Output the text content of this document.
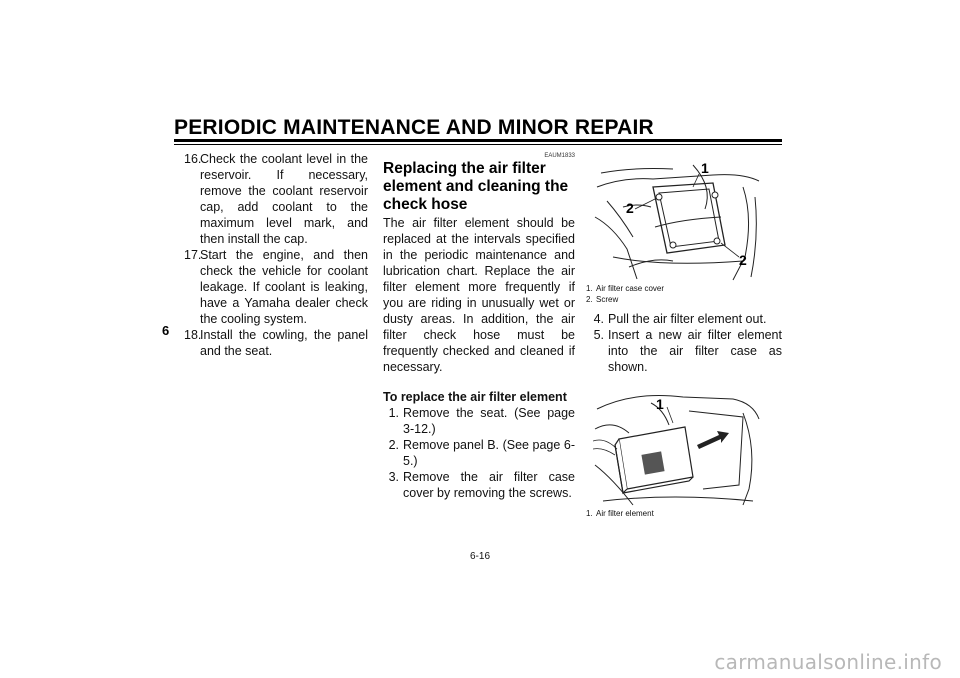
PERIODIC MAINTENANCE AND MINOR REPAIR
6
16.
Check the coolant level in the reservoir. If necessary, remove the coolant reservoir cap, add coolant to the maximum level mark, and then install the cap.
17.
Start the engine, and then check the vehicle for coolant leakage. If coolant is leaking, have a Yamaha dealer check the cooling system.
18.
Install the cowling, the panel and the seat.
EAUM1833
Replacing the air filter element and cleaning the check hose

The air filter element should be replaced at the intervals specified in the periodic maintenance and lubrication chart. Replace the air filter element more frequently if you are riding in unusually wet or dusty areas. In addition, the air filter check hose must be frequently checked and cleaned if necessary.

To replace the air filter element
1. Remove the seat. (See page 3-12.)
2. Remove panel B. (See page 6-5.)
3. Remove the air filter case cover by removing the screws.
1
2
2
1. Air filter case cover
2. Screw
4. Pull the air filter element out.
5. Insert a new air filter element into the air filter case as shown.
1
1. Air filter element
6-16
carmanualsonline.info
